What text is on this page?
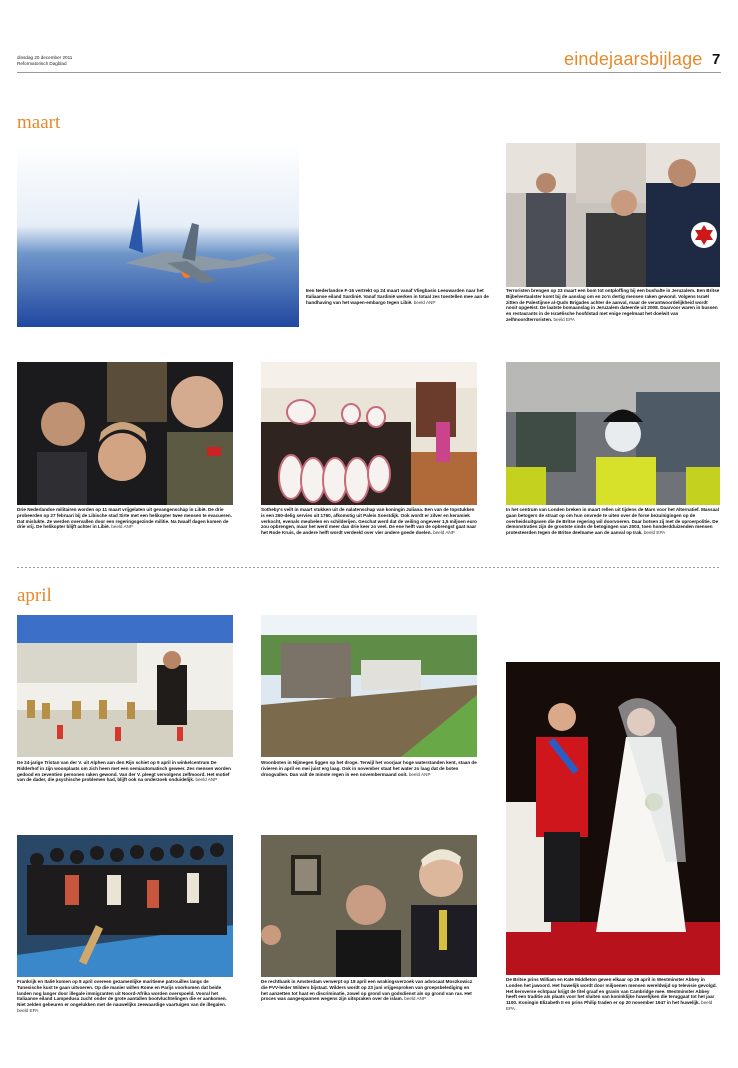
dinsdag 20 december 2011
Reformatorisch Dagblad	eindejaarsbijlage 7
maart
Een Nederlandse F-16 vertrekt op 24 maart vanaf Vliegbasis Leeuwarden naar het Italiaanse eiland Sardinië. Vanaf Sardinië werken in totaal zes toestellen mee aan de handhaving van het wapen-embargo tegen Libië. beeld ANP
Terroristen brengen op 23 maart een bom tot ontploffing bij een bushalte in Jeruzalem. Een Britse Bijbelvertaalster komt bij de aanslag om en zo'n dertig mensen raken gewond. Volgens Israël zitten de Palestijnse al-Quds Brigades achter de aanval, maar de verantwoordelijkheid wordt nooit opgeëist. De laatste bomaanslag in Jeruzalem dateerde uit 2008. Daarvoor waren in bussen en restaurants in de Israëlische hoofdstad met enige regelmaat het doelwit van zelfmoordterroristen. beeld EPA
Drie Nederlandse militairen worden op 11 maart vrijgelaten uit gevangenschap in Libië. De drie probeerden op 27 februari bij de Libische stad Sirte met een helikopter twee mensen te evacueren. Dat mislukte. Ze werden overvallen door een regeringsgezinde militie. Na twaalf dagen komen de drie vrij. De helikopter blijft achter in Libië. beeld ANP
Sotheby's veilt in maart stukken uit de nalatenschap van koningin Juliana. Een van de topstukken is een 260-delig servies uit 1760, afkomstig uit Paleis Soestdijk. Ook wordt er zilver en keramiek verkocht, evenals meubelen en schilderijen. Geschat werd dat de veiling ongeveer 1,5 miljoen euro zou opbrengen, maar het werd meer dan drie keer zo veel. De ene helft van de opbrengst gaat naar het Rode Kruis, de andere helft wordt verdeeld over vier andere goede doelen. beeld ANP
In het centrum van Londen breken in maart rellen uit tijdens de Mars voor het Alternatief. Massaal gaan betogers de straat op om hun onvrede te uiten over de forse bezuinigingen op de overheidsuitgaven die de Britse regering wil doorvoeren. Daar botsen zij met de oproerpolitie. De demonstraties zijn de grootste sinds de betogingen van 2003, toen honderdduizenden mensen protesteerden tegen de Britse deelname aan de aanval op Irak. beeld EPA
april
De 24-jarige Tristan van der V. uit Alphen aan den Rijn schiet op 9 april in winkelcentrum De Ridderhof in zijn woonplaats om zich heen met een semiautomatisch geweer. Zes mensen worden gedood en zeventien personen raken gewond. Van der V. pleegt vervolgens zelfmoord. Het motief van de dader, die psychische problemen had, blijft ook na onderzoek onduidelijk. beeld ANP
Woonboten in Nijmegen liggen op het droge. Terwijl het voorjaar hoge waterstanden kent, staan de rivieren in april en mei juist erg laag. Ook in november staat het water zo laag dat de boten droogvallen. Dan valt de minste regen in een novembermaand ooit. beeld ANP
De Britse prins William en Kate Middleton geven elkaar op 29 april in Westminster Abbey in Londen het jawoord. Het huwelijk wordt door miljoenen mensen wereldwijd op televisie gevolgd. Het kersverse echtpaar krijgt de titel graaf en gravin van Cambridge mee. Westminster Abbey heeft een traditie als plaats voor het sluiten van koninklijke huwelijken die teruggaat tot het jaar 1100. Koningin Elizabeth II en prins Philip traden er op 20 november 1947 in het huwelijk. beeld EPA
Frankrijk en Italië komen op 8 april overeen gezamenlijke maritieme patrouilles langs de Tunesische kust te gaan uitvoeren. Op die manier willen Rome en Parijs voorkomen dat beide landen nog langer door illegale immigranten uit Noord-Afrika worden overspoeld. Vooral het Italiaanse eiland Lampedusa zucht onder de grote aantallen bootvluchtelingen die er aankomen. Niet zelden gebeuren er ongelukken met de nauwelijks zeewaardige vaartuigen van de illegalen. beeld EPA
De rechtbank in Amsterdam verwerpt op 18 april een wrakingsverzoek van advocaat Moszkowicz die PVV-leider Wilders bijstaat. Wilders wordt op 23 juni vrijgesproken van groepsbelediging en het aanzetten tot haat en discriminatie, zowel op grond van godsdienst als op grond van ras. Het proces was aangespannen wegens zijn uitspraken over de islam. beeld ANP
